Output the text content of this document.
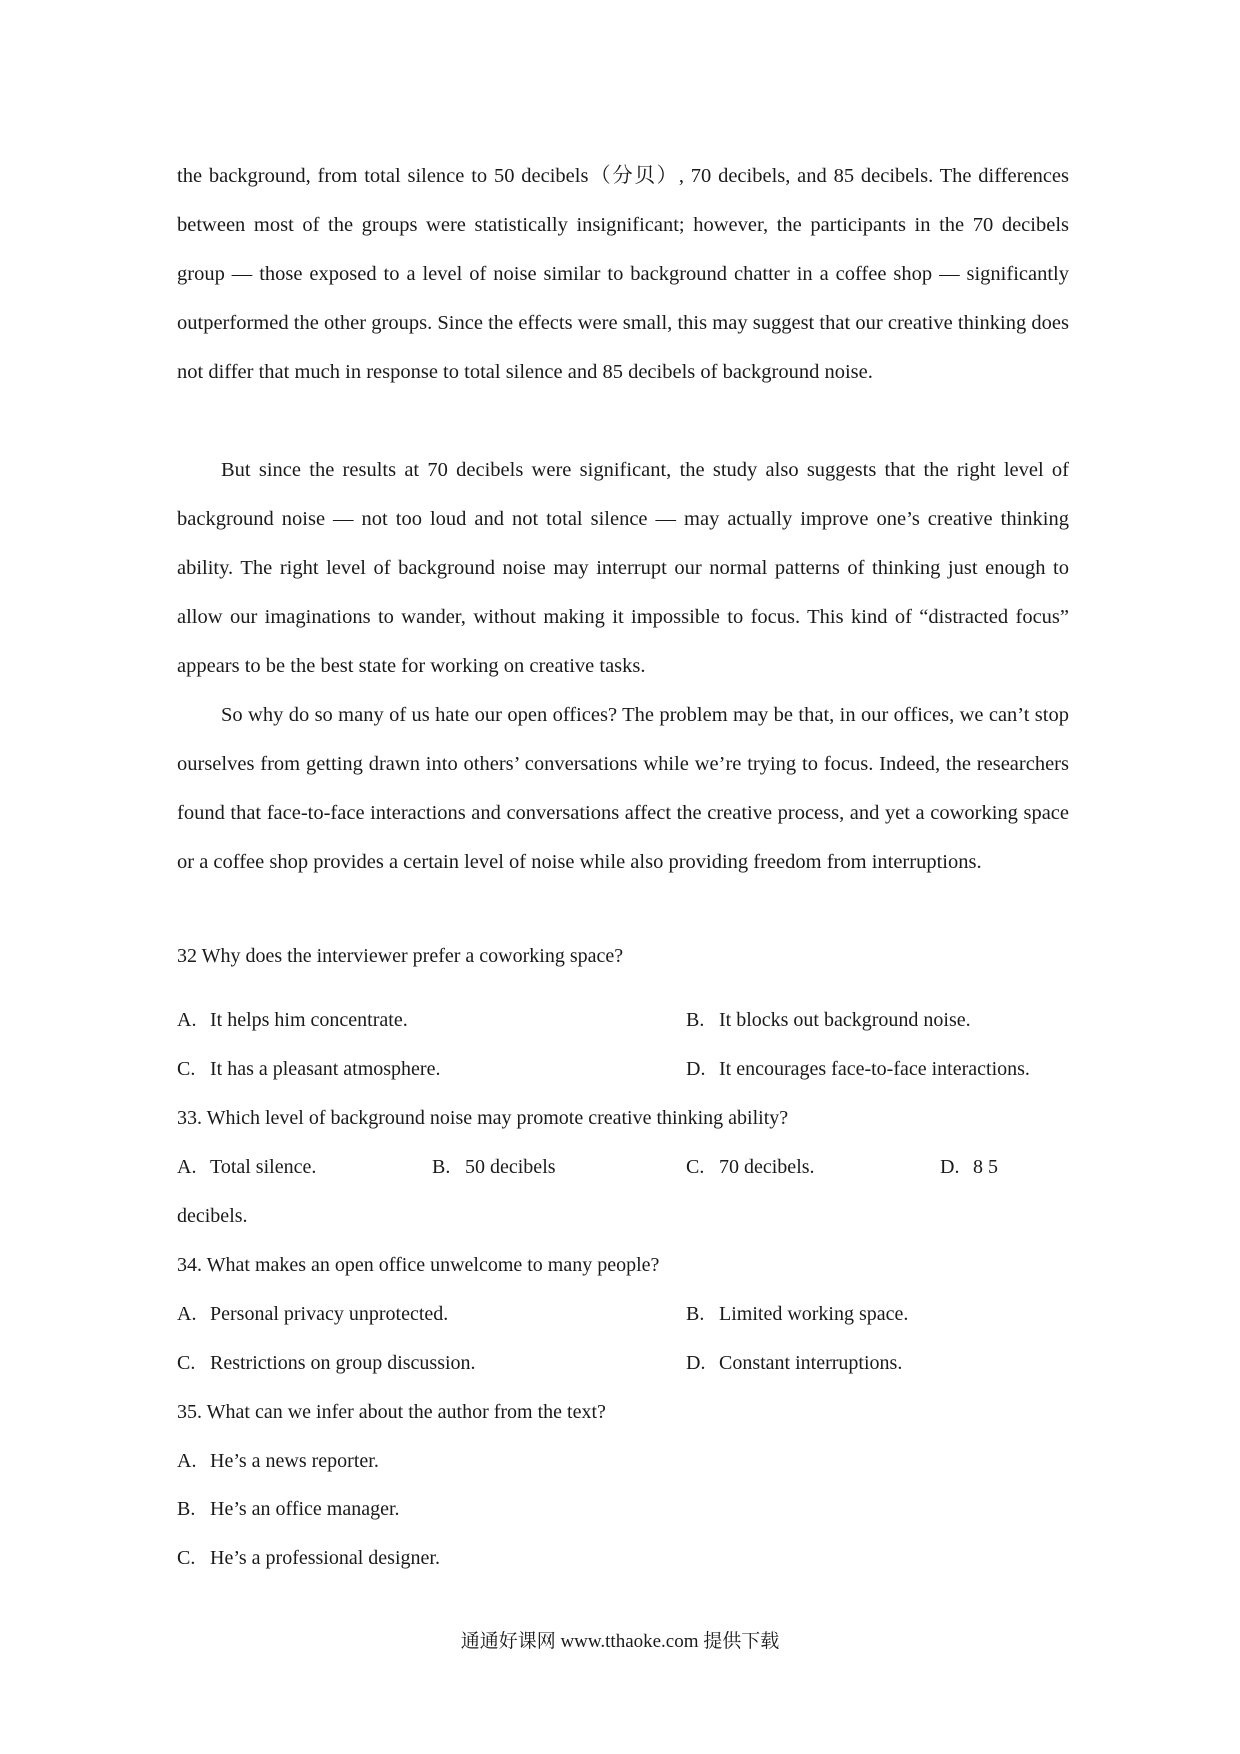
the background, from total silence to 50 decibels（分贝）, 70 decibels, and 85 decibels. The differences between most of the groups were statistically insignificant; however, the participants in the 70 decibels group — those exposed to a level of noise similar to background chatter in a coffee shop — significantly outperformed the other groups. Since the effects were small, this may suggest that our creative thinking does not differ that much in response to total silence and 85 decibels of background noise.

But since the results at 70 decibels were significant, the study also suggests that the right level of background noise — not too loud and not total silence — may actually improve one’s creative thinking ability. The right level of background noise may interrupt our normal patterns of thinking just enough to allow our imaginations to wander, without making it impossible to focus. This kind of “distracted focus” appears to be the best state for working on creative tasks.

So why do so many of us hate our open offices? The problem may be that, in our offices, we can’t stop ourselves from getting drawn into others’ conversations while we’re trying to focus. Indeed, the researchers found that face-to-face interactions and conversations affect the creative process, and yet a coworking space or a coffee shop provides a certain level of noise while also providing freedom from interruptions.

32 Why does the interviewer prefer a coworking space?

A. It helps him concentrate.	B. It blocks out background noise.
C. It has a pleasant atmosphere.	D. It encourages face-to-face interactions.

33. Which level of background noise may promote creative thinking ability?

A. Total silence.	B. 50 decibels	C. 70 decibels.	D. 8 5
decibels.

34. What makes an open office unwelcome to many people?

A. Personal privacy unprotected.	B. Limited working space.
C. Restrictions on group discussion.	D. Constant interruptions.

35. What can we infer about the author from the text?

A. He’s a news reporter.
B. He’s an office manager.
C. He’s a professional designer.
通通好课网 www.tthaoke.com 提供下载
